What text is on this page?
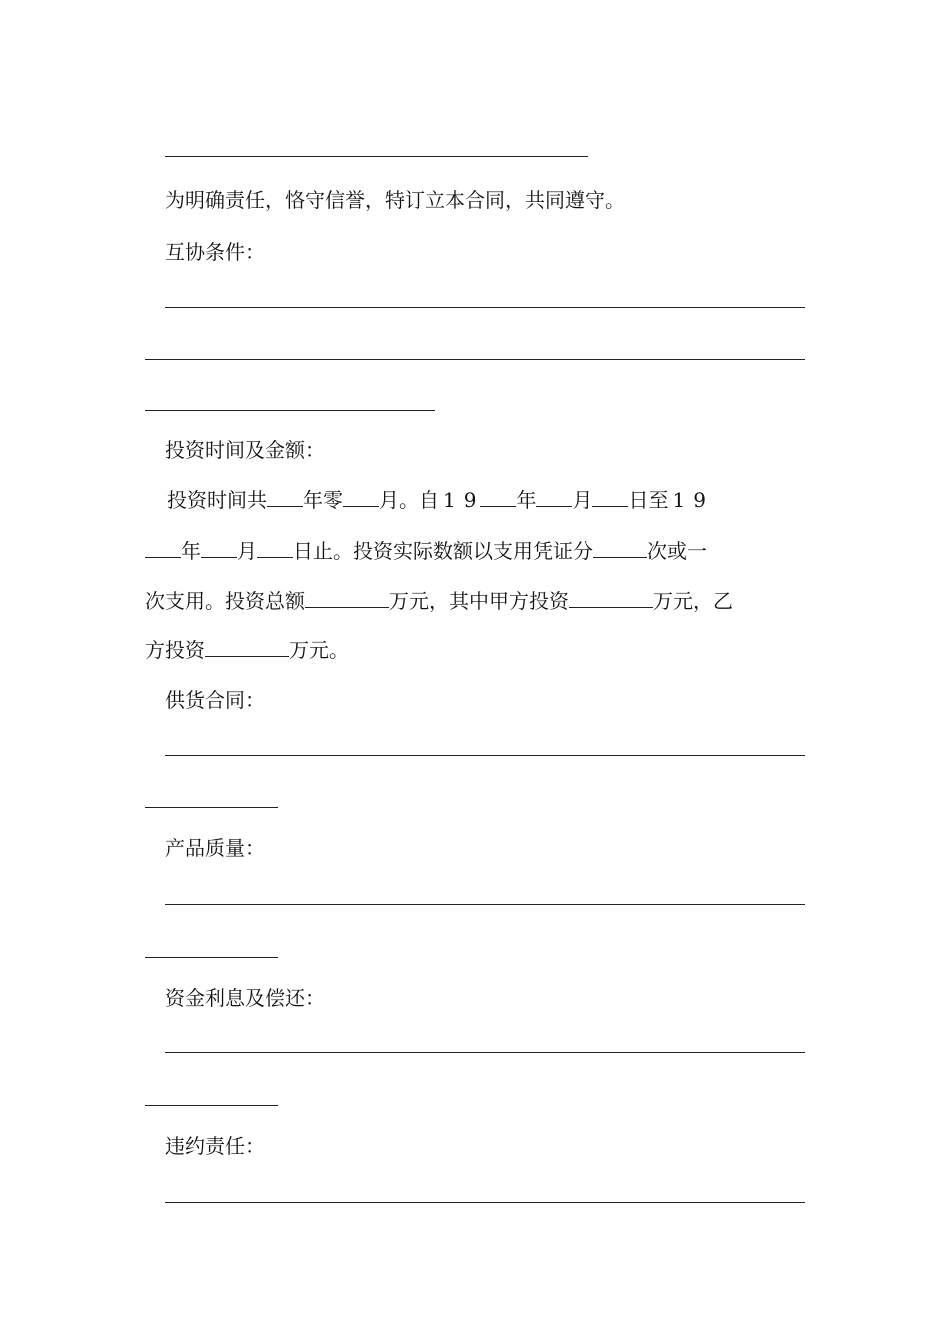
为明确责任，恪守信誉，特订立本合同，共同遵守。
互协条件：
投资时间及金额：
投资时间共 年零 月。自 1 9 年 月 日至 1 9
年 月 日止。投资实际数额以支用凭证分	次或一
次支用。投资总额	万元，其中甲方投资	万元，乙
方投资	万元。
供货合同：
产品质量：
资金利息及偿还：
违约责任：
